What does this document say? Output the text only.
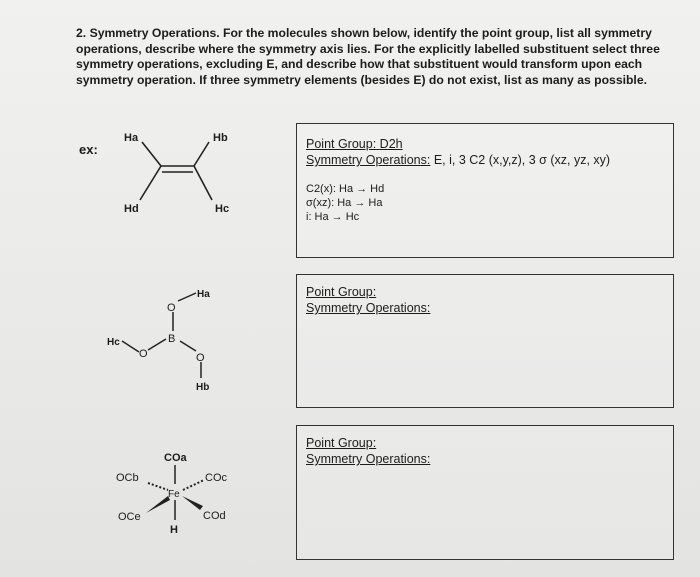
2. Symmetry Operations. For the molecules shown below, identify the point group, list all symmetry operations, describe where the symmetry axis lies. For the explicitly labelled substituent select three symmetry operations, excluding E, and describe how that substituent would transform upon each symmetry operation. If three symmetry elements (besides E) do not exist, list as many as possible.
ex:	Point Group: D2h
Symmetry Operations: E, i, 3 C2 (x,y,z), 3 σ (xz, yz, xy)
C2(x): Ha → Hd
σ(xz): Ha → Ha
i: Ha → Hc
Point Group:
Symmetry Operations:
Point Group:
Symmetry Operations:
Ha	Hb
Hd	Hc
O
B
O	O
Ha
Hc
Hb
COa
OCb	COc
Fe
OCe	COd
H
